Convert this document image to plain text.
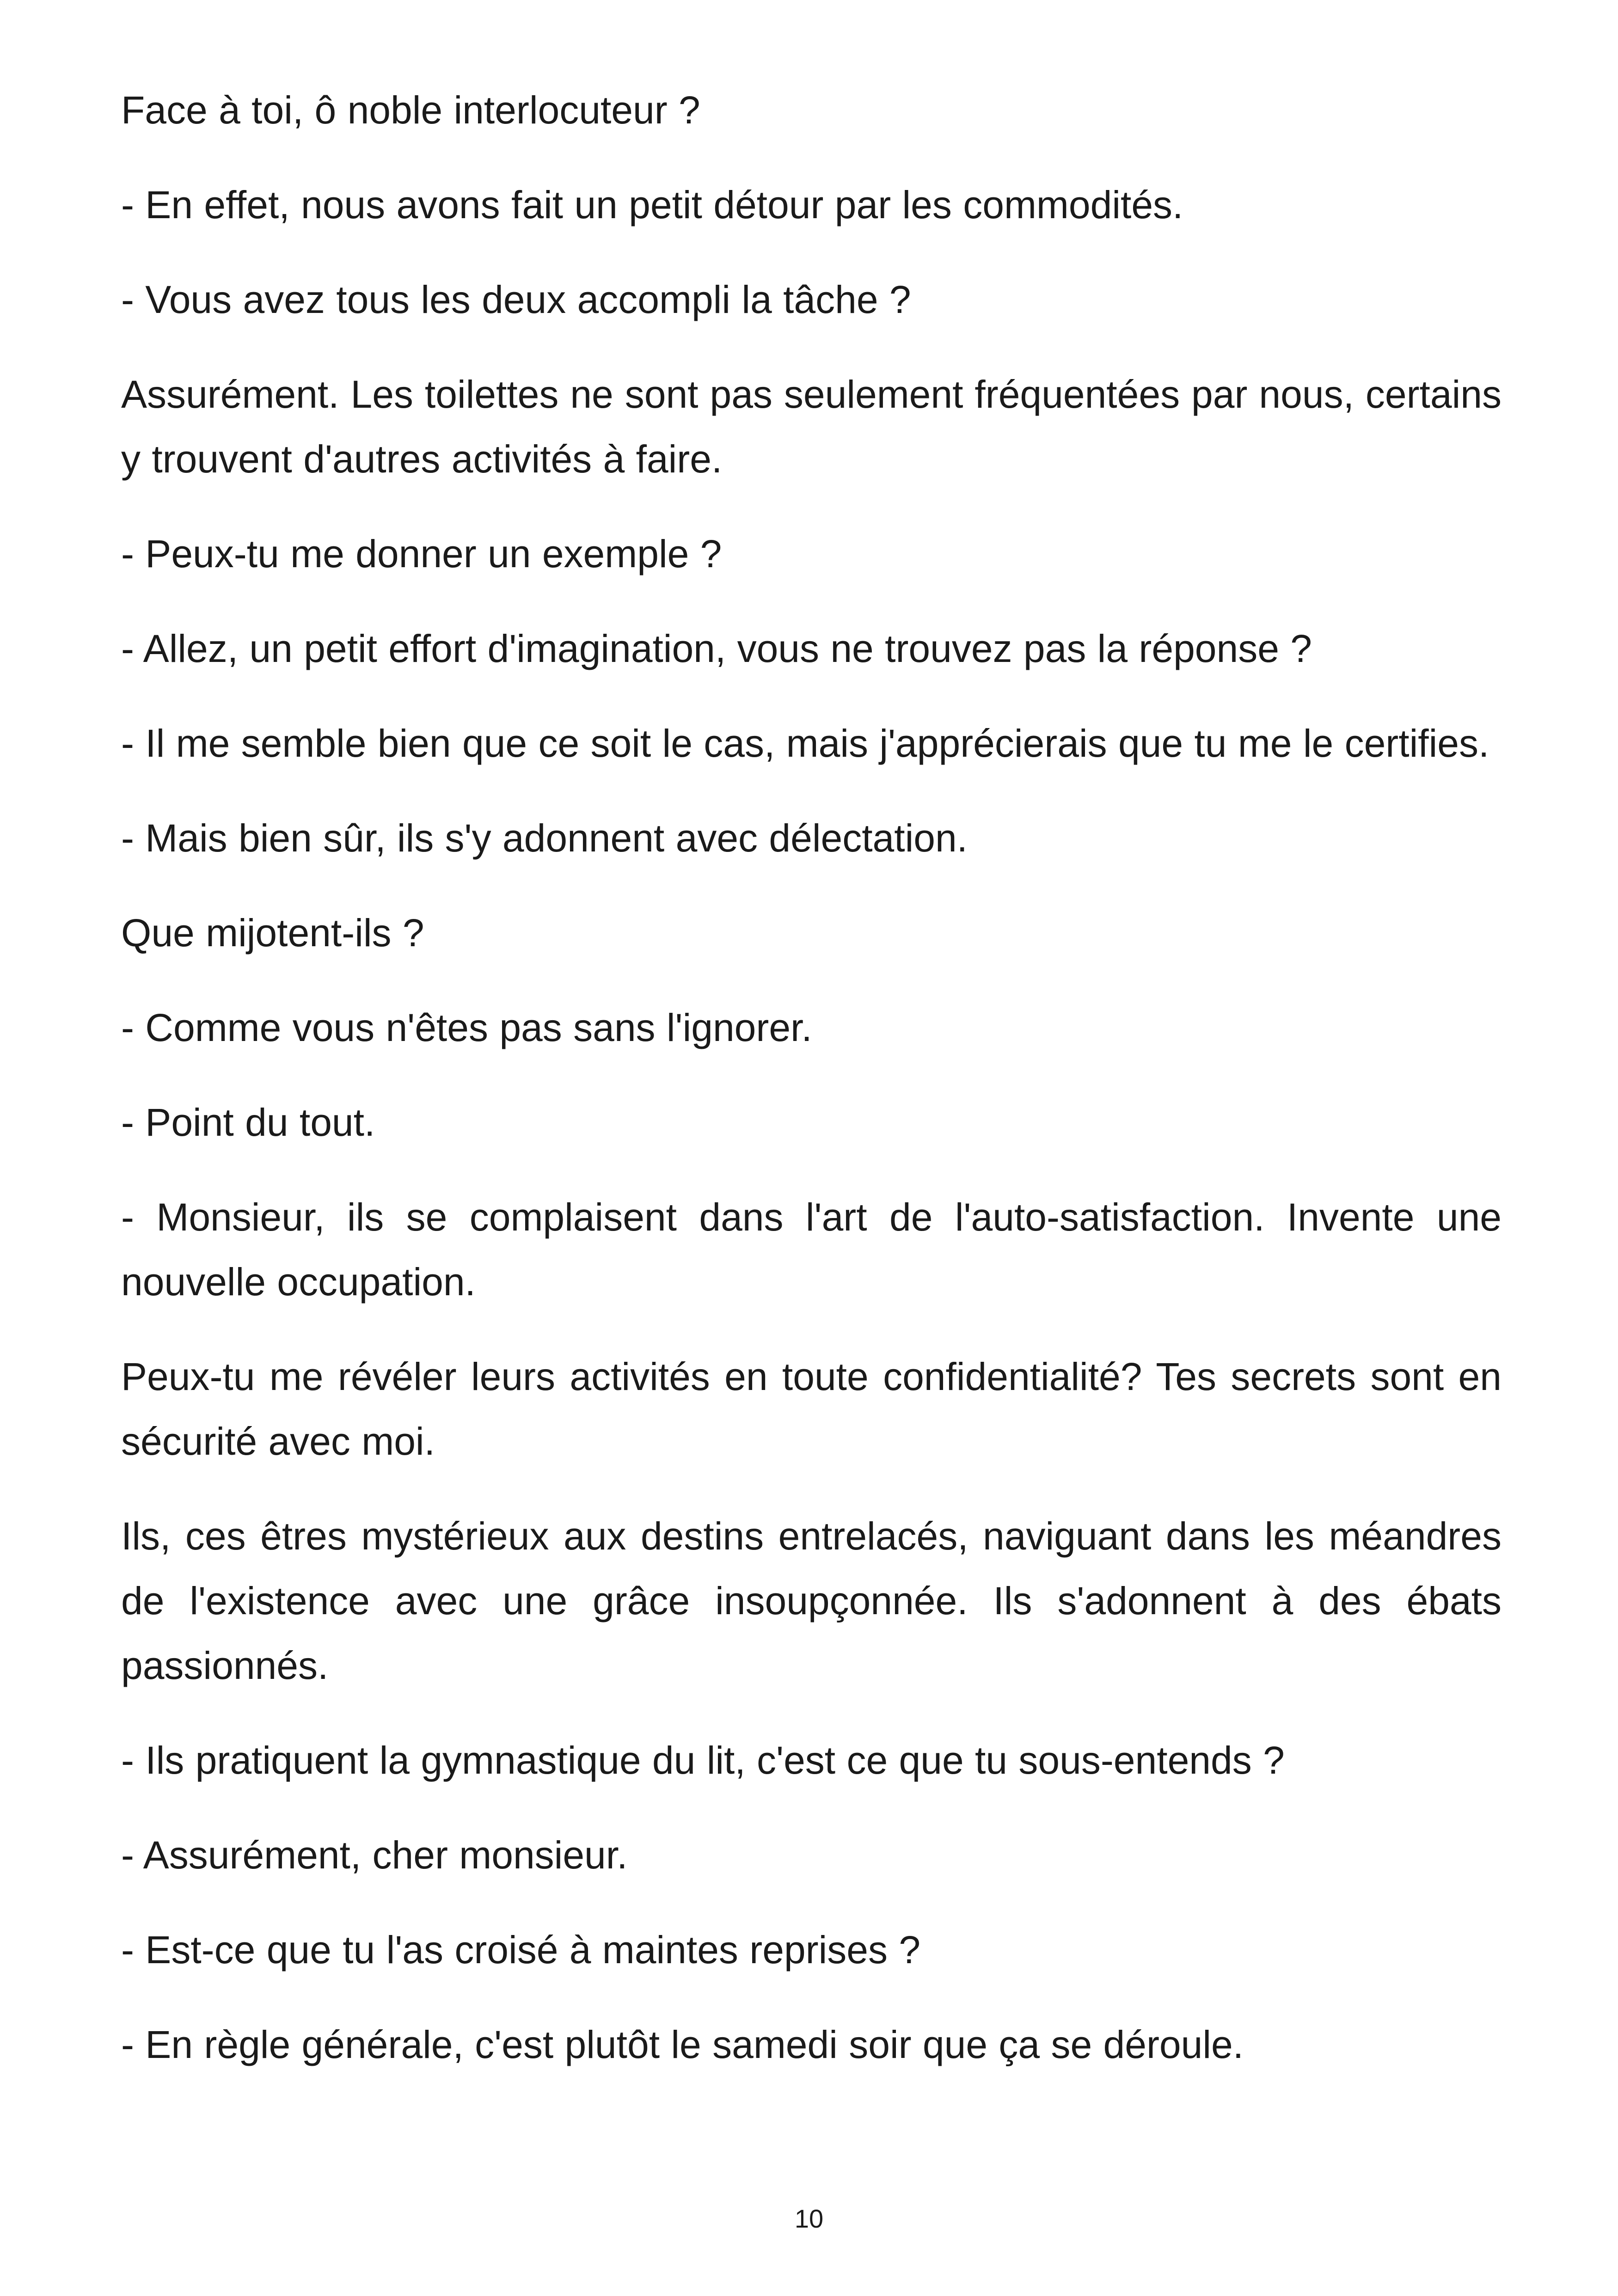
Face à toi, ô noble interlocuteur ?

- En effet, nous avons fait un petit détour par les commodités.

- Vous avez tous les deux accompli la tâche ?

Assurément. Les toilettes ne sont pas seulement fréquentées par nous, certains y trouvent d'autres activités à faire.

- Peux-tu me donner un exemple ?

- Allez, un petit effort d'imagination, vous ne trouvez pas la réponse ?

- Il me semble bien que ce soit le cas, mais j'apprécierais que tu me le certifies.

- Mais bien sûr, ils s'y adonnent avec délectation.

Que mijotent-ils ?

- Comme vous n'êtes pas sans l'ignorer.

- Point du tout.

- Monsieur, ils se complaisent dans l'art de l'auto-satisfaction. Invente une nouvelle occupation.

Peux-tu me révéler leurs activités en toute confidentialité? Tes secrets sont en sécurité avec moi.

Ils, ces êtres mystérieux aux destins entrelacés, naviguant dans les méandres de l'existence avec une grâce insoupçonnée. Ils s'adonnent à des ébats passionnés.

- Ils pratiquent la gymnastique du lit, c'est ce que tu sous-entends ?

- Assurément, cher monsieur.

- Est-ce que tu l'as croisé à maintes reprises ?

- En règle générale, c'est plutôt le samedi soir que ça se déroule.

10
